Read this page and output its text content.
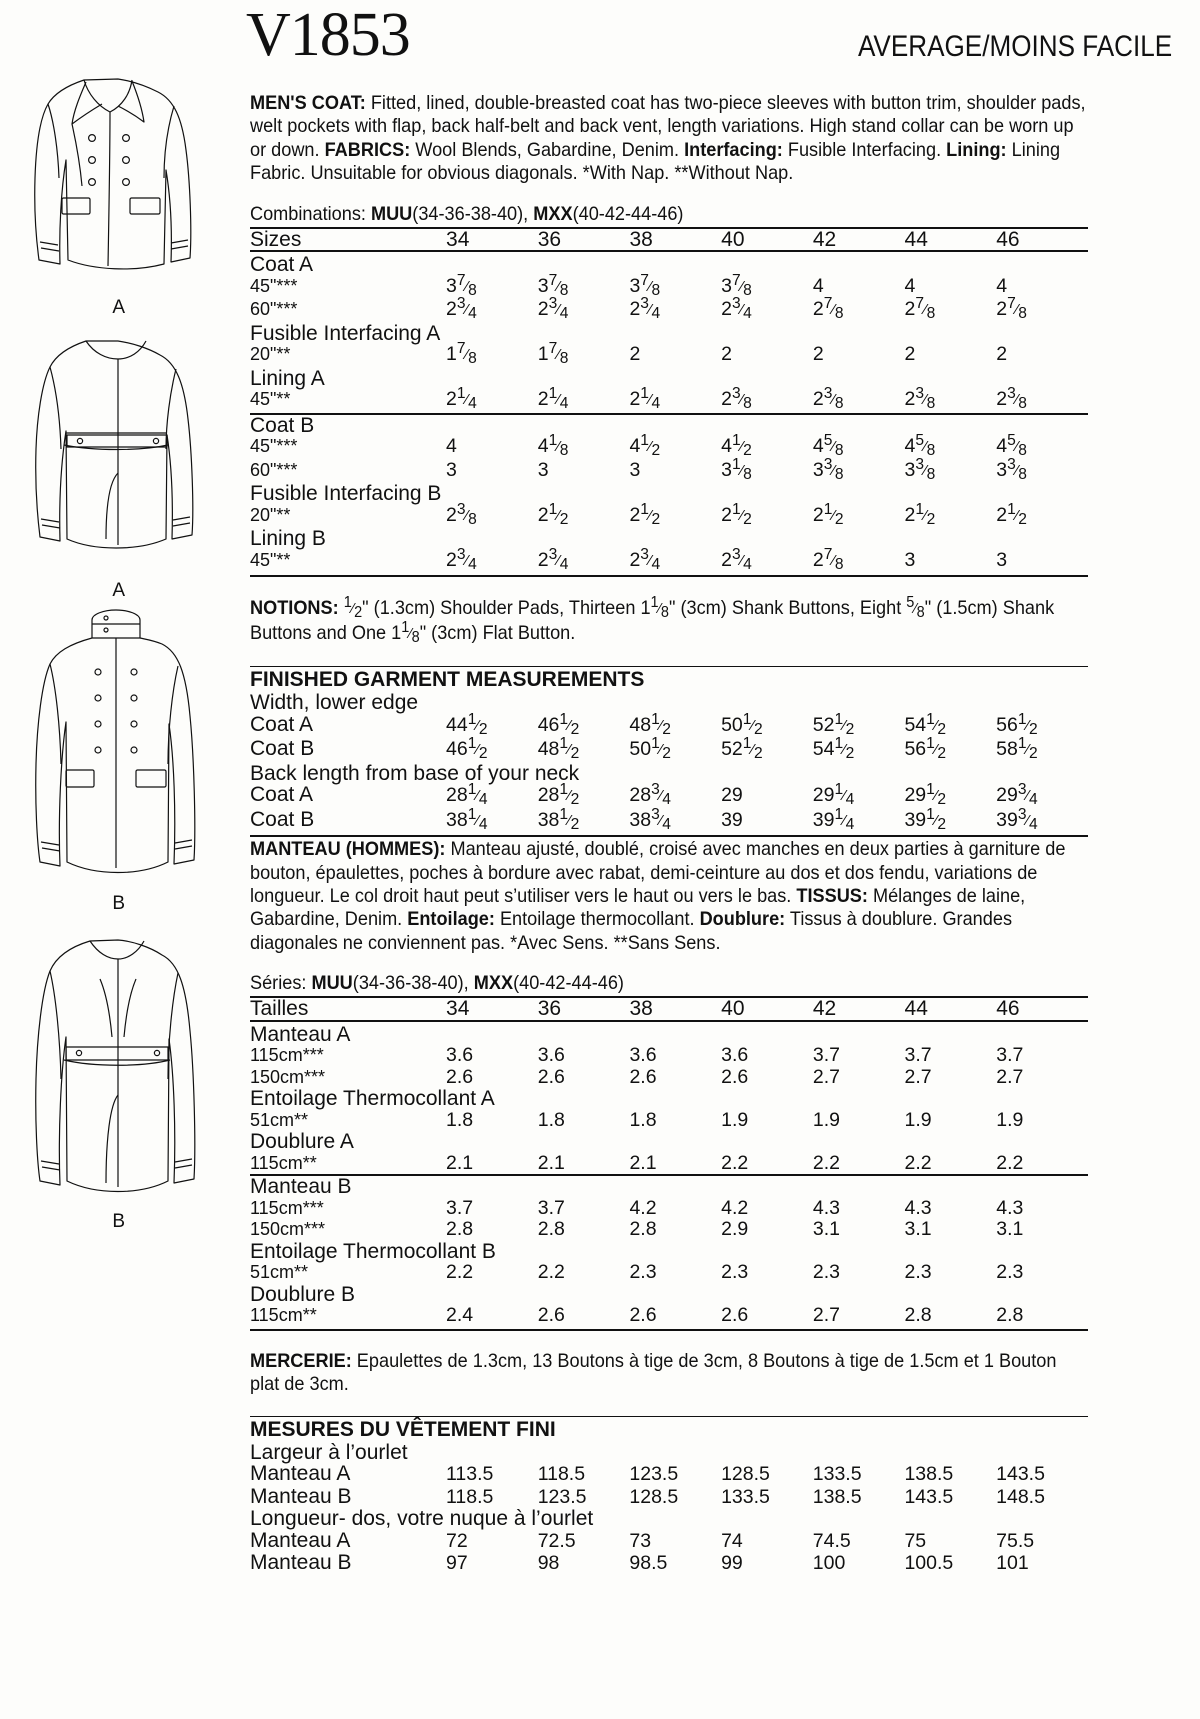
A
A
B
B
V1853	AVERAGE/MOINS FACILE

MEN'S COAT: Fitted, lined, double-breasted coat has two-piece sleeves with button trim, shoulder pads, welt pockets with flap, back half-belt and back vent, length variations. High stand collar can be worn up or down. FABRICS: Wool Blends, Gabardine, Denim. Interfacing: Fusible Interfacing. Lining: Lining Fabric. Unsuitable for obvious diagonals. *With Nap. **Without Nap.

Combinations: MUU(34-36-38-40), MXX(40-42-44-46)

Sizes	34	36	38	40	42	44	46

Coat A							
45"***	$3^7⁄_8$	$3^7⁄_8$	$3^7⁄_8$	$3^7⁄_8$	4	4	4
60"***	$2^3⁄_4$	$2^3⁄_4$	$2^3⁄_4$	$2^3⁄_4$	$2^7⁄_8$	$2^7⁄_8$	$2^7⁄_8$
Fusible Interfacing A							
20"**	$1^7⁄_8$	$1^7⁄_8$	2	2	2	2	2
Lining A							
45"**	$2^1⁄_4$	$2^1⁄_4$	$2^1⁄_4$	$2^3⁄_8$	$2^3⁄_8$	$2^3⁄_8$	$2^3⁄_8$
Coat B							
45"***	4	$4^1⁄_8$	$4^1⁄_2$	$4^1⁄_2$	$4^5⁄_8$	$4^5⁄_8$	$4^5⁄_8$
60"***	3	3	3	$3^1⁄_8$	$3^3⁄_8$	$3^3⁄_8$	$3^3⁄_8$
Fusible Interfacing B							
20"**	$2^3⁄_8$	$2^1⁄_2$	$2^1⁄_2$	$2^1⁄_2$	$2^1⁄_2$	$2^1⁄_2$	$2^1⁄_2$
Lining B							
45"**	$2^3⁄_4$	$2^3⁄_4$	$2^3⁄_4$	$2^3⁄_4$	$2^7⁄_8$	3	3

NOTIONS: $^1⁄_2$" (1.3cm) Shoulder Pads, Thirteen $1^1⁄_8$" (3cm) Shank Buttons, Eight $^5⁄_8$" (1.5cm) Shank Buttons and One $1^1⁄_8$" (3cm) Flat Button.

FINISHED GARMENT MEASUREMENTS
Width, lower edge							
Coat A	$44^1⁄_2$	$46^1⁄_2$	$48^1⁄_2$	$50^1⁄_2$	$52^1⁄_2$	$54^1⁄_2$	$56^1⁄_2$
Coat B	$46^1⁄_2$	$48^1⁄_2$	$50^1⁄_2$	$52^1⁄_2$	$54^1⁄_2$	$56^1⁄_2$	$58^1⁄_2$
Back length from base of your neck							
Coat A	$28^1⁄_4$	$28^1⁄_2$	$28^3⁄_4$	29	$29^1⁄_4$	$29^1⁄_2$	$29^3⁄_4$
Coat B	$38^1⁄_4$	$38^1⁄_2$	$38^3⁄_4$	39	$39^1⁄_4$	$39^1⁄_2$	$39^3⁄_4$

MANTEAU (HOMMES): Manteau ajusté, doublé, croisé avec manches en deux parties à garniture de bouton, épaulettes, poches à bordure avec rabat, demi-ceinture au dos et dos fendu, variations de longueur. Le col droit haut peut s’utiliser vers le haut ou vers le bas. TISSUS: Mélanges de laine, Gabardine, Denim. Entoilage: Entoilage thermocollant. Doublure: Tissus à doublure. Grandes diagonales ne conviennent pas. *Avec Sens. **Sans Sens.

Séries: MUU(34-36-38-40), MXX(40-42-44-46)

Tailles	34	36	38	40	42	44	46

Manteau A							
115cm***	3.6	3.6	3.6	3.6	3.7	3.7	3.7
150cm***	2.6	2.6	2.6	2.6	2.7	2.7	2.7
Entoilage Thermocollant A							
51cm**	1.8	1.8	1.8	1.9	1.9	1.9	1.9
Doublure A							
115cm**	2.1	2.1	2.1	2.2	2.2	2.2	2.2
Manteau B							
115cm***	3.7	3.7	4.2	4.2	4.3	4.3	4.3
150cm***	2.8	2.8	2.8	2.9	3.1	3.1	3.1
Entoilage Thermocollant B							
51cm**	2.2	2.2	2.3	2.3	2.3	2.3	2.3
Doublure B							
115cm**	2.4	2.6	2.6	2.6	2.7	2.8	2.8

MERCERIE: Epaulettes de 1.3cm, 13 Boutons à tige de 3cm, 8 Boutons à tige de 1.5cm et 1 Bouton plat de 3cm.

MESURES DU VÊTEMENT FINI
Largeur à l’ourlet							
Manteau A	113.5	118.5	123.5	128.5	133.5	138.5	143.5
Manteau B	118.5	123.5	128.5	133.5	138.5	143.5	148.5
Longueur- dos, votre nuque à l’ourlet							
Manteau A	72	72.5	73	74	74.5	75	75.5
Manteau B	97	98	98.5	99	100	100.5	101
